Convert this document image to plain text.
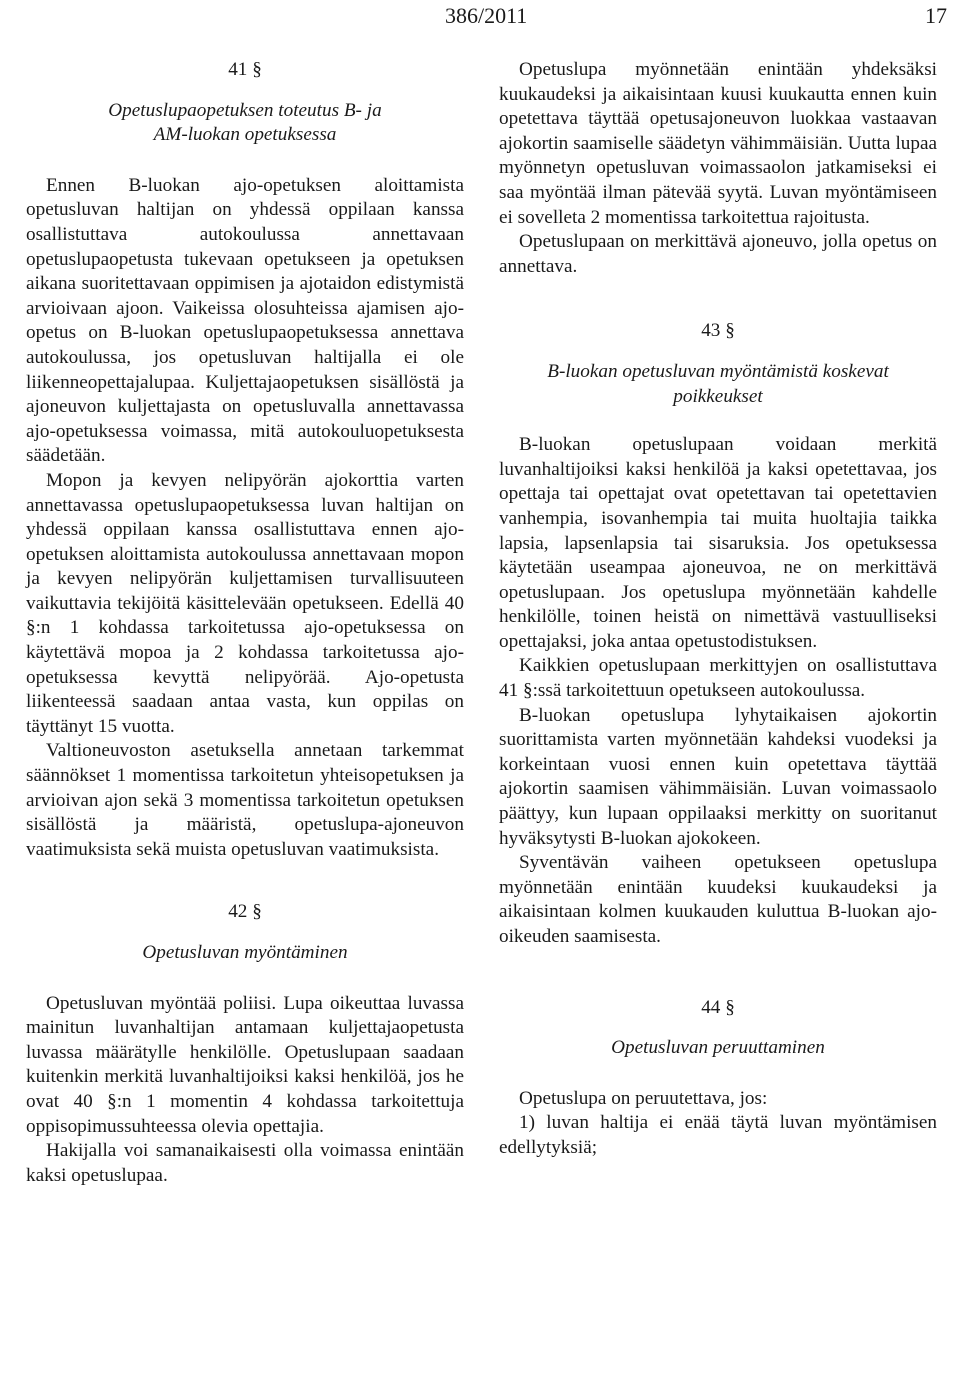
386/2011	17
41 §
Opetuslupaopetuksen toteutus B- ja
AM-luokan opetuksessa

Ennen B-luokan ajo-opetuksen aloittamista opetusluvan haltijan on yhdessä oppilaan kanssa osallistuttava autokoulussa annettavaan opetuslupaopetusta tukevaan opetukseen ja opetuksen aikana suoritettavaan oppimisen ja ajotaidon edistymistä arvioivaan ajoon. Vaikeissa olosuhteissa ajamisen ajo-opetus on B-luokan opetuslupaopetuksessa annettava autokoulussa, jos opetusluvan haltijalla ei ole liikenneopettajalupaa. Kuljettajaopetuksen sisällöstä ja ajoneuvon kuljettajasta on opetusluvalla annettavassa ajo-opetuksessa voimassa, mitä autokouluopetuksesta säädetään.

Mopon ja kevyen nelipyörän ajokorttia varten annettavassa opetuslupaopetuksessa luvan haltijan on yhdessä oppilaan kanssa osallistuttava ennen ajo-opetuksen aloittamista autokoulussa annettavaan mopon ja kevyen nelipyörän kuljettamisen turvallisuuteen vaikuttavia tekijöitä käsittelevään opetukseen. Edellä 40 §:n 1 kohdassa tarkoitetussa ajo-opetuksessa on käytettävä mopoa ja 2 kohdassa tarkoitetussa ajo-opetuksessa kevyttä nelipyörää. Ajo-opetusta liikenteessä saadaan antaa vasta, kun oppilas on täyttänyt 15 vuotta.

Valtioneuvoston asetuksella annetaan tarkemmat säännökset 1 momentissa tarkoitetun yhteisopetuksen ja arvioivan ajon sekä 3 momentissa tarkoitetun opetuksen sisällöstä ja määristä, opetuslupa-ajoneuvon vaatimuksista sekä muista opetusluvan vaatimuksista.

42 §
Opetusluvan myöntäminen

Opetusluvan myöntää poliisi. Lupa oikeuttaa luvassa mainitun luvanhaltijan antamaan kuljettajaopetusta luvassa määrätylle henkilölle. Opetuslupaan saadaan kuitenkin merkitä luvanhaltijoiksi kaksi henkilöä, jos he ovat 40 §:n 1 momentin 4 kohdassa tarkoitettuja oppisopimussuhteessa olevia opettajia.

Hakijalla voi samanaikaisesti olla voimassa enintään kaksi opetuslupaa.

Opetuslupa myönnetään enintään yhdeksäksi kuukaudeksi ja aikaisintaan kuusi kuukautta ennen kuin opetettava täyttää opetusajoneuvon luokkaa vastaavan ajokortin saamiselle säädetyn vähimmäisiän. Uutta lupaa myönnetyn opetusluvan voimassaolon jatkamiseksi ei saa myöntää ilman pätevää syytä. Luvan myöntämiseen ei sovelleta 2 momentissa tarkoitettua rajoitusta.

Opetuslupaan on merkittävä ajoneuvo, jolla opetus on annettava.

43 §
B-luokan opetusluvan myöntämistä koskevat
poikkeukset

B-luokan opetuslupaan voidaan merkitä luvanhaltijoiksi kaksi henkilöä ja kaksi opetettavaa, jos opettaja tai opettajat ovat opetettavan tai opetettavien vanhempia, isovanhempia tai muita huoltajia taikka lapsia, lapsenlapsia tai sisaruksia. Jos opetuksessa käytetään useampaa ajoneuvoa, ne on merkittävä opetuslupaan. Jos opetuslupa myönnetään kahdelle henkilölle, toinen heistä on nimettävä vastuulliseksi opettajaksi, joka antaa opetustodistuksen.

Kaikkien opetuslupaan merkittyjen on osallistuttava 41 §:ssä tarkoitettuun opetukseen autokoulussa.

B-luokan opetuslupa lyhytaikaisen ajokortin suorittamista varten myönnetään kahdeksi vuodeksi ja korkeintaan vuosi ennen kuin opetettava täyttää ajokortin saamisen vähimmäisiän. Luvan voimassaolo päättyy, kun lupaan oppilaaksi merkitty on suoritanut hyväksytysti B-luokan ajokokeen.

Syventävän vaiheen opetukseen opetuslupa myönnetään enintään kuudeksi kuukaudeksi ja aikaisintaan kolmen kuukauden kuluttua B-luokan ajo-oikeuden saamisesta.

44 §
Opetusluvan peruuttaminen

Opetuslupa on peruutettava, jos:

1) luvan haltija ei enää täytä luvan myöntämisen edellytyksiä;
